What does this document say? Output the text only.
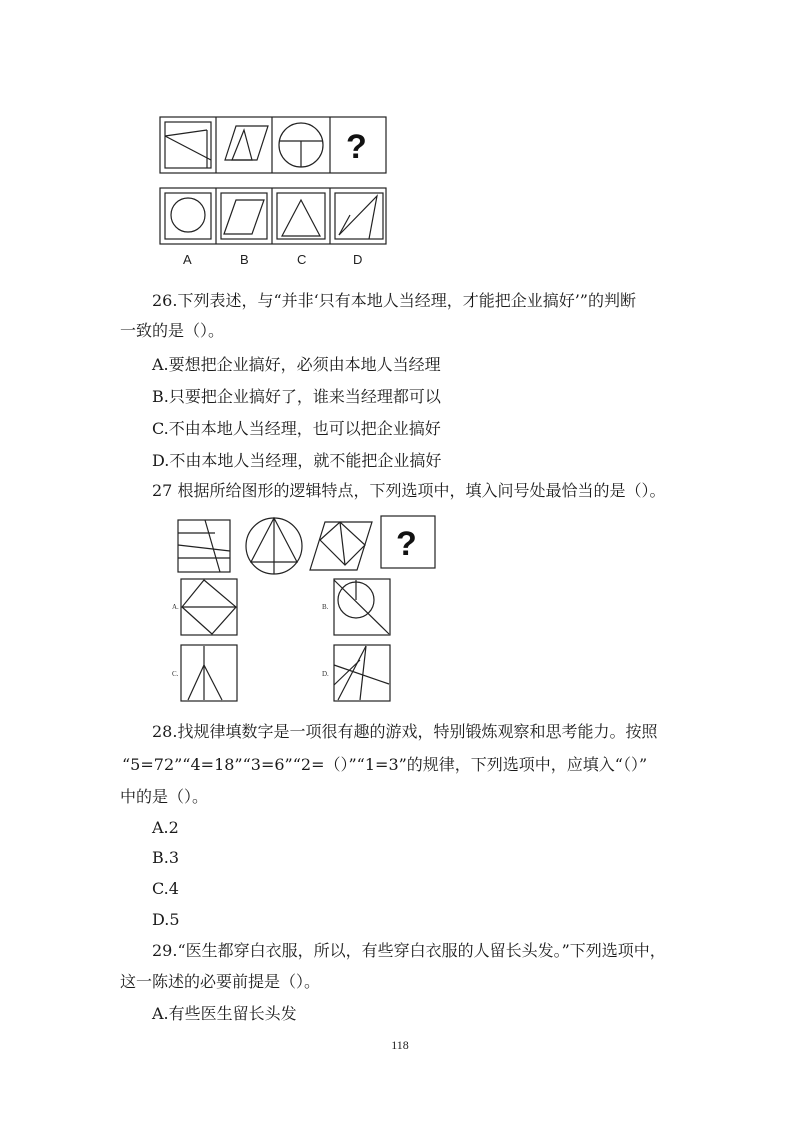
?
A	B	C	D
26.下列表述，与“并非‘只有本地人当经理，才能把企业搞好’”的判断
一致的是（）。
A.要想把企业搞好，必须由本地人当经理
B.只要把企业搞好了，谁来当经理都可以
C.不由本地人当经理，也可以把企业搞好
D.不由本地人当经理，就不能把企业搞好
27 根据所给图形的逻辑特点，下列选项中，填入问号处最恰当的是（）。
?
A.	B.
C.	D.
28.找规律填数字是一项很有趣的游戏，特别锻炼观察和思考能力。按照
“5=72”“4=18”“3=6”“2=（）”“1=3”的规律，下列选项中，应填入“（）”
中的是（）。
A.2
B.3
C.4
D.5
29.“医生都穿白衣服，所以，有些穿白衣服的人留长头发。”下列选项中，
这一陈述的必要前提是（）。
A.有些医生留长头发
118
